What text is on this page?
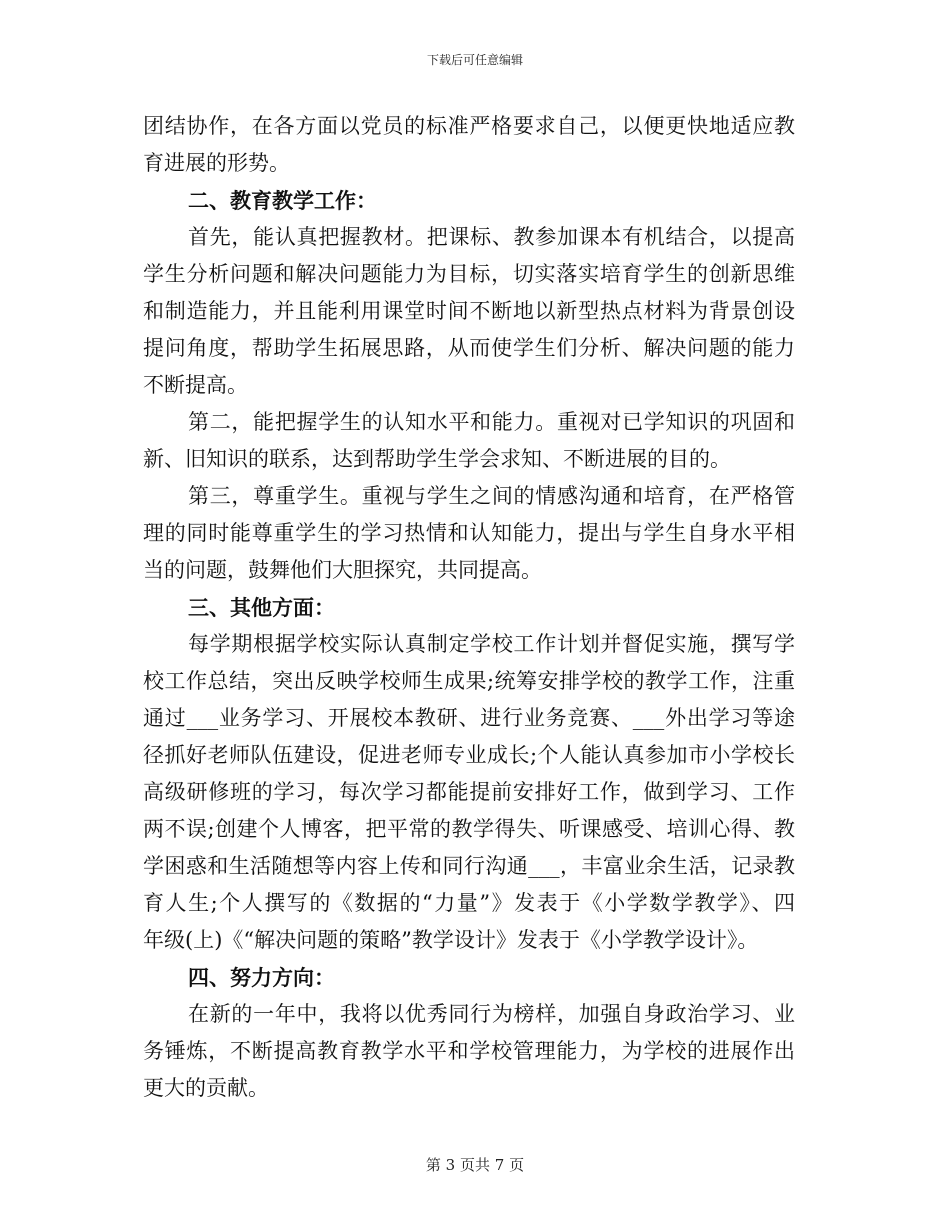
下载后可任意编辑
团结协作，在各方面以党员的标准严格要求自己，以便更快地适应教
育进展的形势。
二、教育教学工作：
首先，能认真把握教材。把课标、教参加课本有机结合，以提高
学生分析问题和解决问题能力为目标，切实落实培育学生的创新思维
和制造能力，并且能利用课堂时间不断地以新型热点材料为背景创设
提问角度，帮助学生拓展思路，从而使学生们分析、解决问题的能力
不断提高。
第二，能把握学生的认知水平和能力。重视对已学知识的巩固和
新、旧知识的联系，达到帮助学生学会求知、不断进展的目的。
第三，尊重学生。重视与学生之间的情感沟通和培育，在严格管
理的同时能尊重学生的学习热情和认知能力，提出与学生自身水平相
当的问题，鼓舞他们大胆探究，共同提高。
三、其他方面：
每学期根据学校实际认真制定学校工作计划并督促实施，撰写学
校工作总结，突出反映学校师生成果;统筹安排学校的教学工作，注重
通过___业务学习、开展校本教研、进行业务竞赛、___外出学习等途
径抓好老师队伍建设，促进老师专业成长;个人能认真参加市小学校长
高级研修班的学习，每次学习都能提前安排好工作，做到学习、工作
两不误;创建个人博客，把平常的教学得失、听课感受、培训心得、教
学困惑和生活随想等内容上传和同行沟通___，丰富业余生活，记录教
育人生;个人撰写的《数据的“力量”》发表于《小学数学教学》、四
年级(上)《“解决问题的策略”教学设计》发表于《小学教学设计》。
四、努力方向：
在新的一年中，我将以优秀同行为榜样，加强自身政治学习、业
务锤炼，不断提高教育教学水平和学校管理能力，为学校的进展作出
更大的贡献。
第 3 页共 7 页
